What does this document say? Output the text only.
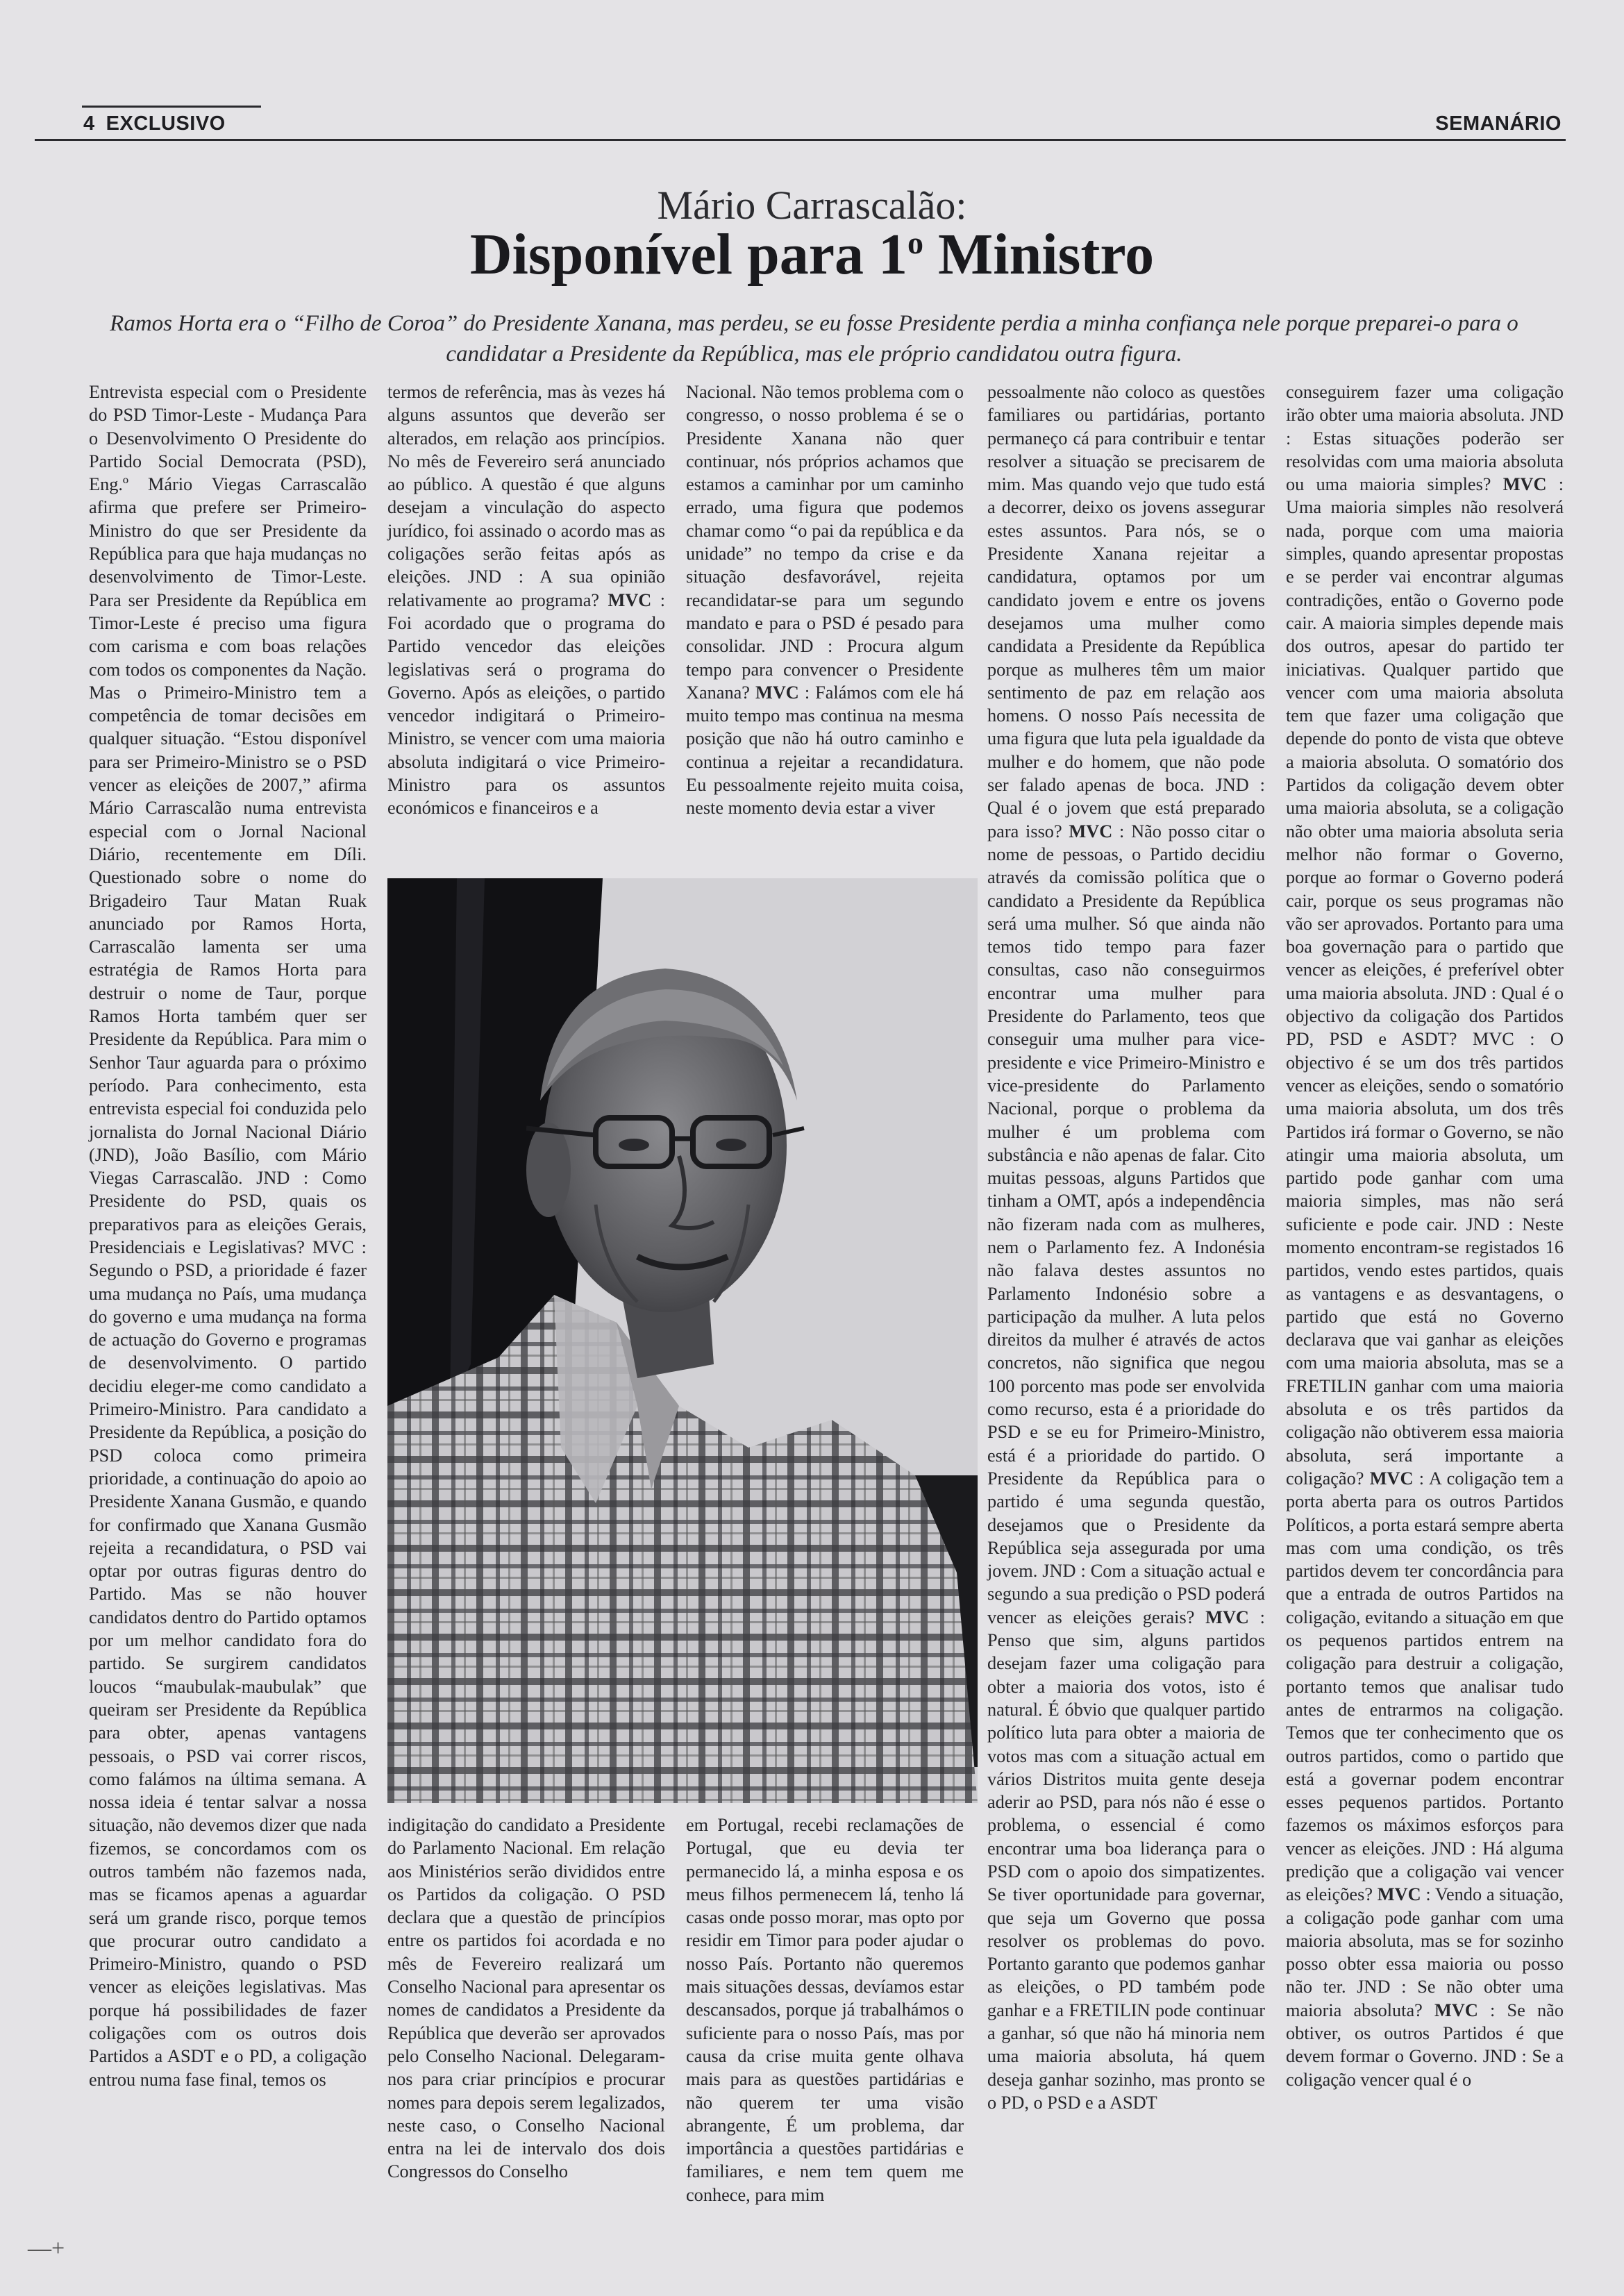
4 EXCLUSIVO	SEMANÁRIO
Mário Carrascalão:
Disponível para 1$^o$ Ministro
Ramos Horta era o “Filho de Coroa” do Presidente Xanana, mas perdeu, se eu fosse Presidente perdia a minha confiança nele porque preparei-o para o
candidatar a Presidente da República, mas ele próprio candidatou outra figura.

Entrevista especial com o Presidente do PSD Timor-Leste - Mudança Para o Desenvolvimento O Presidente do Partido Social Democrata (PSD), Eng.º Mário Viegas Carrascalão afirma que prefere ser Primeiro-Ministro do que ser Presidente da República para que haja mudanças no desenvolvimento de Timor-Leste. Para ser Presidente da República em Timor-Leste é preciso uma figura com carisma e com boas relações com todos os componentes da Nação. Mas o Primeiro-Ministro tem a competência de tomar decisões em qualquer situação. “Estou disponível para ser Primeiro-Ministro se o PSD vencer as eleições de 2007,” afirma Mário Carrascalão numa entrevista especial com o Jornal Nacional Diário, recentemente em Díli. Questionado sobre o nome do Brigadeiro Taur Matan Ruak anunciado por Ramos Horta, Carrascalão lamenta ser uma estratégia de Ramos Horta para destruir o nome de Taur, porque Ramos Horta também quer ser Presidente da República. Para mim o Senhor Taur aguarda para o próximo período. Para conhecimento, esta entrevista especial foi conduzida pelo jornalista do Jornal Nacional Diário (JND), João Basílio, com Mário Viegas Carrascalão. JND : Como Presidente do PSD, quais os preparativos para as eleições Gerais, Presidenciais e Legislativas? MVC : Segundo o PSD, a prioridade é fazer uma mudança no País, uma mudança do governo e uma mudança na forma de actuação do Governo e programas de desenvolvimento. O partido decidiu eleger-me como candidato a Primeiro-Ministro. Para candidato a Presidente da República, a posição do PSD coloca como primeira prioridade, a continuação do apoio ao Presidente Xanana Gusmão, e quando for confirmado que Xanana Gusmão rejeita a recandidatura, o PSD vai optar por outras figuras dentro do Partido. Mas se não houver candidatos dentro do Partido optamos por um melhor candidato fora do partido. Se surgirem candidatos loucos “maubulak-maubulak” que queiram ser Presidente da República para obter, apenas vantagens pessoais, o PSD vai correr riscos, como falámos na última semana. A nossa ideia é tentar salvar a nossa situação, não devemos dizer que nada fizemos, se concordamos com os outros também não fazemos nada, mas se ficamos apenas a aguardar será um grande risco, porque temos que procurar outro candidato a Primeiro-Ministro, quando o PSD vencer as eleições legislativas. Mas porque há possibilidades de fazer coligações com os outros dois Partidos a ASDT e o PD, a coligação entrou numa fase final, temos os

termos de referência, mas às vezes há alguns assuntos que deverão ser alterados, em relação aos princípios. No mês de Fevereiro será anunciado ao público. A questão é que alguns desejam a vinculação do aspecto jurídico, foi assinado o acordo mas as coligações serão feitas após as eleições. JND : A sua opinião relativamente ao programa? MVC : Foi acordado que o programa do Partido vencedor das eleições legislativas será o programa do Governo. Após as eleições, o partido vencedor indigitará o Primeiro-Ministro, se vencer com uma maioria absoluta indigitará o vice Primeiro-Ministro para os assuntos económicos e financeiros e a

Nacional. Não temos problema com o congresso, o nosso problema é se o Presidente Xanana não quer continuar, nós próprios achamos que estamos a caminhar por um caminho errado, uma figura que podemos chamar como “o pai da república e da unidade” no tempo da crise e da situação desfavorável, rejeita recandidatar-se para um segundo mandato e para o PSD é pesado para consolidar. JND : Procura algum tempo para convencer o Presidente Xanana? MVC : Falámos com ele há muito tempo mas continua na mesma posição que não há outro caminho e continua a rejeitar a recandidatura. Eu pessoalmente rejeito muita coisa, neste momento devia estar a viver

indigitação do candidato a Presidente do Parlamento Nacional. Em relação aos Ministérios serão divididos entre os Partidos da coligação. O PSD declara que a questão de princípios entre os partidos foi acordada e no mês de Fevereiro realizará um Conselho Nacional para apresentar os nomes de candidatos a Presidente da República que deverão ser aprovados pelo Conselho Nacional. Delegaram-nos para criar princípios e procurar nomes para depois serem legalizados, neste caso, o Conselho Nacional entra na lei de intervalo dos dois Congressos do Conselho

em Portugal, recebi reclamações de Portugal, que eu devia ter permanecido lá, a minha esposa e os meus filhos permenecem lá, tenho lá casas onde posso morar, mas opto por residir em Timor para poder ajudar o nosso País. Portanto não queremos mais situações dessas, devíamos estar descansados, porque já trabalhámos o suficiente para o nosso País, mas por causa da crise muita gente olhava mais para as questões partidárias e não querem ter uma visão abrangente, É um problema, dar importância a questões partidárias e familiares, e nem tem quem me conhece, para mim

pessoalmente não coloco as questões familiares ou partidárias, portanto permaneço cá para contribuir e tentar resolver a situação se precisarem de mim. Mas quando vejo que tudo está a decorrer, deixo os jovens assegurar estes assuntos. Para nós, se o Presidente Xanana rejeitar a candidatura, optamos por um candidato jovem e entre os jovens desejamos uma mulher como candidata a Presidente da República porque as mulheres têm um maior sentimento de paz em relação aos homens. O nosso País necessita de uma figura que luta pela igualdade da mulher e do homem, que não pode ser falado apenas de boca. JND : Qual é o jovem que está preparado para isso? MVC : Não posso citar o nome de pessoas, o Partido decidiu através da comissão política que o candidato a Presidente da República será uma mulher. Só que ainda não temos tido tempo para fazer consultas, caso não conseguirmos encontrar uma mulher para Presidente do Parlamento, teos que conseguir uma mulher para vice-presidente e vice Primeiro-Ministro e vice-presidente do Parlamento Nacional, porque o problema da mulher é um problema com substância e não apenas de falar. Cito muitas pessoas, alguns Partidos que tinham a OMT, após a independência não fizeram nada com as mulheres, nem o Parlamento fez. A Indonésia não falava destes assuntos no Parlamento Indonésio sobre a participação da mulher. A luta pelos direitos da mulher é através de actos concretos, não significa que negou 100 porcento mas pode ser envolvida como recurso, esta é a prioridade do PSD e se eu for Primeiro-Ministro, está é a prioridade do partido. O Presidente da República para o partido é uma segunda questão, desejamos que o Presidente da República seja assegurada por uma jovem. JND : Com a situação actual e segundo a sua predição o PSD poderá vencer as eleições gerais? MVC : Penso que sim, alguns partidos desejam fazer uma coligação para obter a maioria dos votos, isto é natural. É óbvio que qualquer partido político luta para obter a maioria de votos mas com a situação actual em vários Distritos muita gente deseja aderir ao PSD, para nós não é esse o problema, o essencial é como encontrar uma boa liderança para o PSD com o apoio dos simpatizentes. Se tiver oportunidade para governar, que seja um Governo que possa resolver os problemas do povo. Portanto garanto que podemos ganhar as eleições, o PD também pode ganhar e a FRETILIN pode continuar a ganhar, só que não há minoria nem uma maioria absoluta, há quem deseja ganhar sozinho, mas pronto se o PD, o PSD e a ASDT

conseguirem fazer uma coligação irão obter uma maioria absoluta. JND : Estas situações poderão ser resolvidas com uma maioria absoluta ou uma maioria simples? MVC : Uma maioria simples não resolverá nada, porque com uma maioria simples, quando apresentar propostas e se perder vai encontrar algumas contradições, então o Governo pode cair. A maioria simples depende mais dos outros, apesar do partido ter iniciativas. Qualquer partido que vencer com uma maioria absoluta tem que fazer uma coligação que depende do ponto de vista que obteve a maioria absoluta. O somatório dos Partidos da coligação devem obter uma maioria absoluta, se a coligação não obter uma maioria absoluta seria melhor não formar o Governo, porque ao formar o Governo poderá cair, porque os seus programas não vão ser aprovados. Portanto para uma boa governação para o partido que vencer as eleições, é preferível obter uma maioria absoluta. JND : Qual é o objectivo da coligação dos Partidos PD, PSD e ASDT? MVC : O objectivo é se um dos três partidos vencer as eleições, sendo o somatório uma maioria absoluta, um dos três Partidos irá formar o Governo, se não atingir uma maioria absoluta, um partido pode ganhar com uma maioria simples, mas não será suficiente e pode cair. JND : Neste momento encontram-se registados 16 partidos, vendo estes partidos, quais as vantagens e as desvantagens, o partido que está no Governo declarava que vai ganhar as eleições com uma maioria absoluta, mas se a FRETILIN ganhar com uma maioria absoluta e os três partidos da coligação não obtiverem essa maioria absoluta, será importante a coligação? MVC : A coligação tem a porta aberta para os outros Partidos Políticos, a porta estará sempre aberta mas com uma condição, os três partidos devem ter concordância para que a entrada de outros Partidos na coligação, evitando a situação em que os pequenos partidos entrem na coligação para destruir a coligação, portanto temos que analisar tudo antes de entrarmos na coligação. Temos que ter conhecimento que os outros partidos, como o partido que está a governar podem encontrar esses pequenos partidos. Portanto fazemos os máximos esforços para vencer as eleições. JND : Há alguma predição que a coligação vai vencer as eleições? MVC : Vendo a situação, a coligação pode ganhar com uma maioria absoluta, mas se for sozinho posso obter essa maioria ou posso não ter. JND : Se não obter uma maioria absoluta? MVC : Se não obtiver, os outros Partidos é que devem formar o Governo. JND : Se a coligação vencer qual é o

—+
